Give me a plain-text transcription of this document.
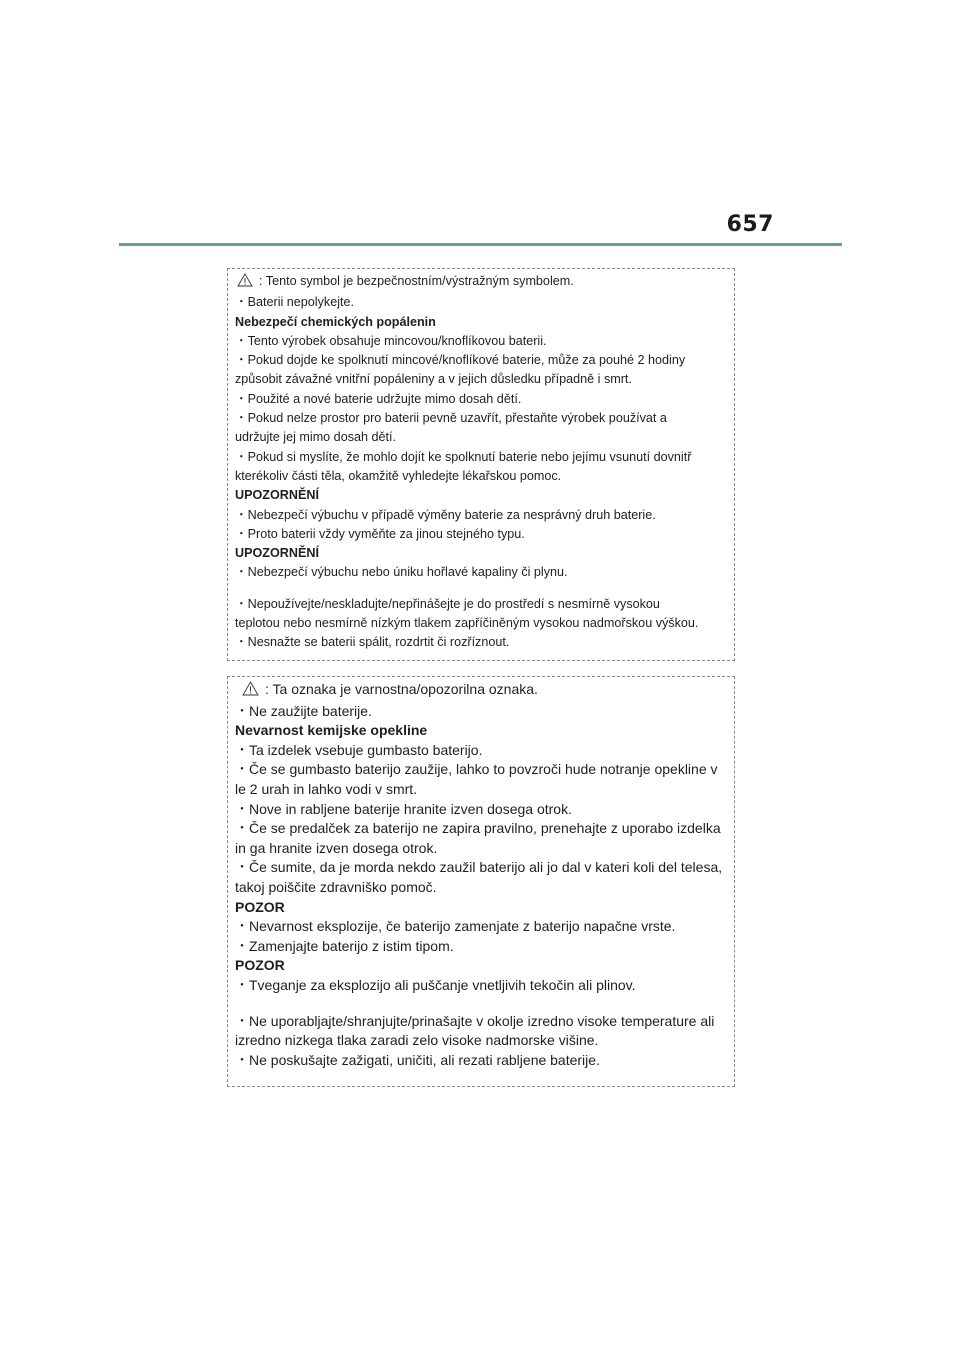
657
: Tento symbol je bezpečnostním/výstražným symbolem.
・Baterii nepolykejte.
Nebezpečí chemických popálenin
・Tento výrobek obsahuje mincovou/knoflíkovou baterii.
・Pokud dojde ke spolknutí mincové/knoflíkové baterie, může za pouhé 2 hodiny
způsobit závažné vnitřní popáleniny a v jejich důsledku případně i smrt.
・Použité a nové baterie udržujte mimo dosah dětí.
・Pokud nelze prostor pro baterii pevně uzavřít, přestaňte výrobek používat a
udržujte jej mimo dosah dětí.
・Pokud si myslíte, že mohlo dojít ke spolknutí baterie nebo jejímu vsunutí dovnitř
kterékoliv části těla, okamžitě vyhledejte lékařskou pomoc.
UPOZORNĚNÍ
・Nebezpečí výbuchu v případě výměny baterie za nesprávný druh baterie.
・Proto baterii vždy vyměňte za jinou stejného typu.
UPOZORNĚNÍ
・Nebezpečí výbuchu nebo úniku hořlavé kapaliny či plynu.
・Nepoužívejte/neskladujte/nepřinášejte je do prostředí s nesmírně vysokou
teplotou nebo nesmírně nízkým tlakem zapříčiněným vysokou nadmořskou výškou.
・Nesnažte se baterii spálit, rozdrtit či rozříznout.
: Ta oznaka je varnostna/opozorilna oznaka.
・Ne zaužijte baterije.
Nevarnost kemijske opekline
・Ta izdelek vsebuje gumbasto baterijo.
・Če se gumbasto baterijo zaužije, lahko to povzroči hude notranje opekline v
le 2 urah in lahko vodi v smrt.
・Nove in rabljene baterije hranite izven dosega otrok.
・Če se predalček za baterijo ne zapira pravilno, prenehajte z uporabo izdelka
in ga hranite izven dosega otrok.
・Če sumite, da je morda nekdo zaužil baterijo ali jo dal v kateri koli del telesa,
takoj poiščite zdravniško pomoč.
POZOR
・Nevarnost eksplozije, če baterijo zamenjate z baterijo napačne vrste.
・Zamenjajte baterijo z istim tipom.
POZOR
・Tveganje za eksplozijo ali puščanje vnetljivih tekočin ali plinov.
・Ne uporabljajte/shranjujte/prinašajte v okolje izredno visoke temperature ali
izredno nizkega tlaka zaradi zelo visoke nadmorske višine.
・Ne poskušajte zažigati, uničiti, ali rezati rabljene baterije.
